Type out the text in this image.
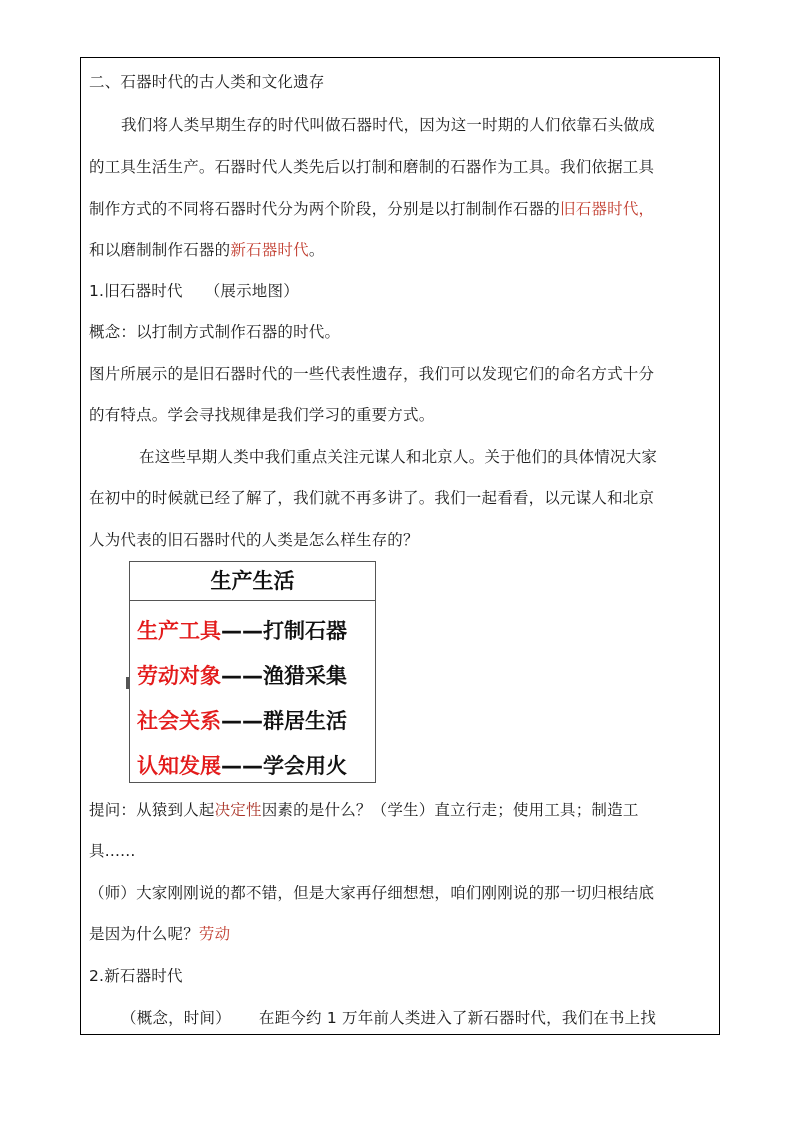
二、石器时代的古人类和文化遗存
我们将人类早期生存的时代叫做石器时代，因为这一时期的人们依靠石头做成
的工具生活生产。石器时代人类先后以打制和磨制的石器作为工具。我们依据工具
制作方式的不同将石器时代分为两个阶段，分别是以打制制作石器的旧石器时代，
和以磨制制作石器的新石器时代。
1.旧石器时代 （展示地图）
概念：以打制方式制作石器的时代。
图片所展示的是旧石器时代的一些代表性遗存，我们可以发现它们的命名方式十分
的有特点。学会寻找规律是我们学习的重要方式。
在这些早期人类中我们重点关注元谋人和北京人。关于他们的具体情况大家
在初中的时候就已经了解了，我们就不再多讲了。我们一起看看，以元谋人和北京
人为代表的旧石器时代的人类是怎么样生存的？
生产生活
生产工具——打制石器
劳动对象——渔猎采集
社会关系——群居生活
认知发展——学会用火
提问：从猿到人起决定性因素的是什么？（学生）直立行走；使用工具；制造工
具......
（师）大家刚刚说的都不错，但是大家再仔细想想，咱们刚刚说的那一切归根结底
是因为什么呢？劳动
2.新石器时代
（概念，时间） 在距今约 1 万年前人类进入了新石器时代，我们在书上找
